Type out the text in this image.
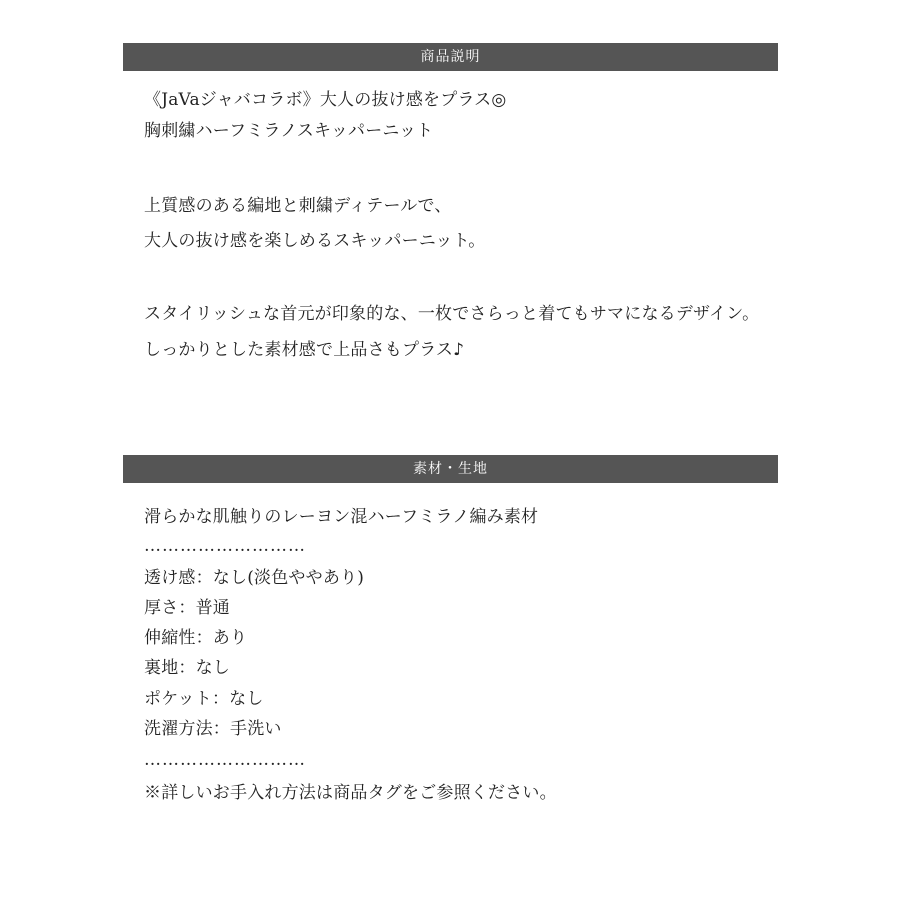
商品説明
《JaVaジャバコラボ》大人の抜け感をプラス◎
胸刺繍ハーフミラノスキッパーニット
上質感のある編地と刺繍ディテールで、
大人の抜け感を楽しめるスキッパーニット。
スタイリッシュな首元が印象的な、一枚でさらっと着てもサマになるデザイン。
しっかりとした素材感で上品さもプラス♪
素材・生地
滑らかな肌触りのレーヨン混ハーフミラノ編み素材
………………………
透け感：なし(淡色ややあり)
厚さ：普通
伸縮性：あり
裏地：なし
ポケット：なし
洗濯方法：手洗い
………………………
※詳しいお手入れ方法は商品タグをご参照ください。
